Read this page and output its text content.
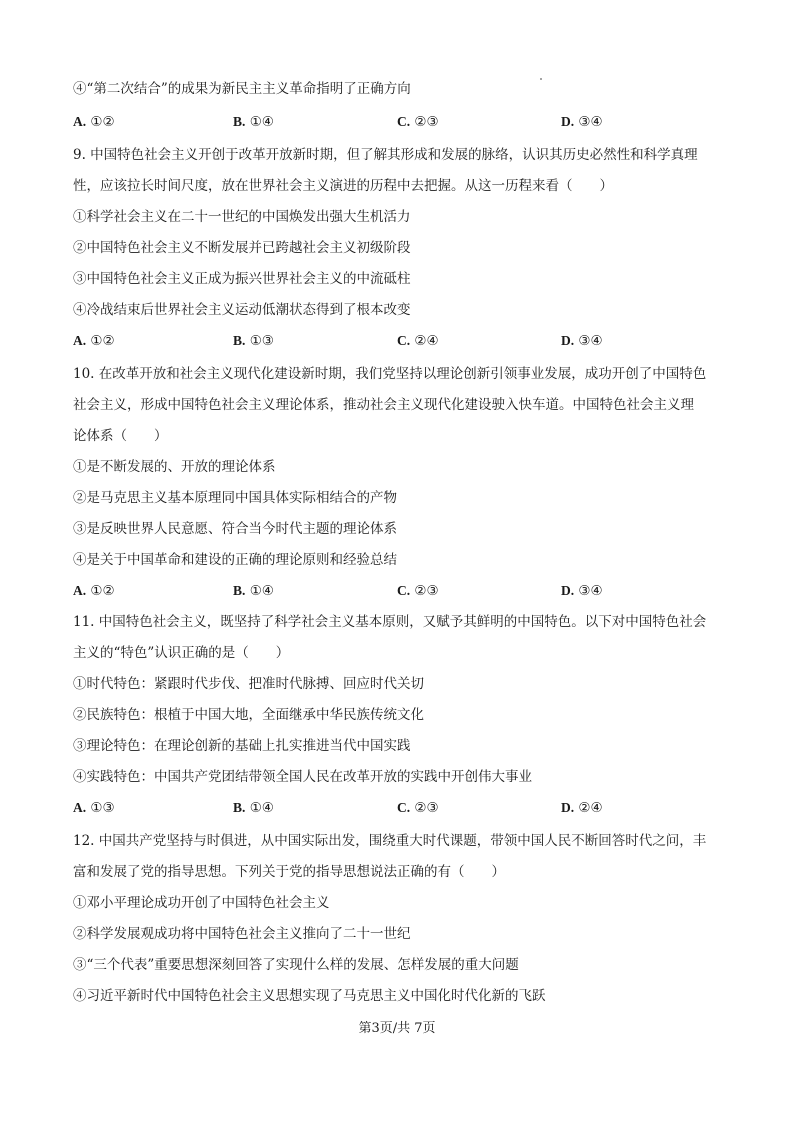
④“第二次结合”的成果为新民主主义革命指明了正确方向
A. ①②	B. ①④	C. ②③	D. ③④
9. 中国特色社会主义开创于改革开放新时期，但了解其形成和发展的脉络，认识其历史必然性和科学真理
性，应该拉长时间尺度，放在世界社会主义演进的历程中去把握。从这一历程来看（　　）
①科学社会主义在二十一世纪的中国焕发出强大生机活力
②中国特色社会主义不断发展并已跨越社会主义初级阶段
③中国特色社会主义正成为振兴世界社会主义的中流砥柱
④冷战结束后世界社会主义运动低潮状态得到了根本改变
A. ①②	B. ①③	C. ②④	D. ③④
10. 在改革开放和社会主义现代化建设新时期，我们党坚持以理论创新引领事业发展，成功开创了中国特色
社会主义，形成中国特色社会主义理论体系，推动社会主义现代化建设驶入快车道。中国特色社会主义理
论体系（　　）
①是不断发展的、开放的理论体系
②是马克思主义基本原理同中国具体实际相结合的产物
③是反映世界人民意愿、符合当今时代主题的理论体系
④是关于中国革命和建设的正确的理论原则和经验总结
A. ①②	B. ①④	C. ②③	D. ③④
11. 中国特色社会主义，既坚持了科学社会主义基本原则，又赋予其鲜明的中国特色。以下对中国特色社会
主义的“特色”认识正确的是（　　）
①时代特色：紧跟时代步伐、把准时代脉搏、回应时代关切
②民族特色：根植于中国大地，全面继承中华民族传统文化
③理论特色：在理论创新的基础上扎实推进当代中国实践
④实践特色：中国共产党团结带领全国人民在改革开放的实践中开创伟大事业
A. ①③	B. ①④	C. ②③	D. ②④
12. 中国共产党坚持与时俱进，从中国实际出发，围绕重大时代课题，带领中国人民不断回答时代之问，丰
富和发展了党的指导思想。下列关于党的指导思想说法正确的有（　　）
①邓小平理论成功开创了中国特色社会主义
②科学发展观成功将中国特色社会主义推向了二十一世纪
③“三个代表”重要思想深刻回答了实现什么样的发展、怎样发展的重大问题
④习近平新时代中国特色社会主义思想实现了马克思主义中国化时代化新的飞跃
第3页/共 7页
